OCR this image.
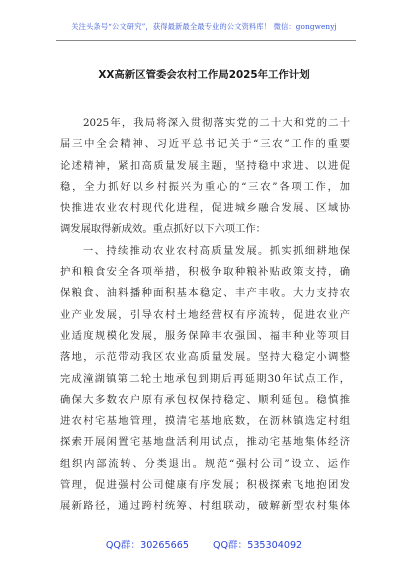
关注头条号“公文研究”，获得最新最全最专业的公文资料库！ 微信：gongwenyj
XX高新区管委会农村工作局2025年工作计划
2025年，我局将深入贯彻落实党的二十大和党的二十
届三中全会精神、习近平总书记关于“三农”工作的重要
论述精神，紧扣高质量发展主题，坚持稳中求进、以进促
稳，全力抓好以乡村振兴为重心的“三农”各项工作，加
快推进农业农村现代化进程，促进城乡融合发展、区域协
调发展取得新成效。重点抓好以下六项工作：
一、持续推动农业农村高质量发展。抓实抓细耕地保
护和粮食安全各项举措，积极争取种粮补贴政策支持，确
保粮食、油料播种面积基本稳定、丰产丰收。大力支持农
业产业发展，引导农村土地经营权有序流转，促进农业产
业适度规模化发展，服务保障丰农强国、福丰种业等项目
落地，示范带动我区农业高质量发展。坚持大稳定小调整
完成潼湖镇第二轮土地承包到期后再延期30年试点工作，
确保大多数农户原有承包权保持稳定、顺利延包。稳慎推
进农村宅基地管理，摸清宅基地底数，在沥林镇选定村组
探索开展闲置宅基地盘活利用试点，推动宅基地集体经济
组织内部流转、分类退出。规范“强村公司”设立、运作
管理，促进强村公司健康有序发展；积极探索飞地抱团发
展新路径，通过跨村统筹、村组联动，破解新型农村集体
QQ群：30265665	QQ群：535304092
